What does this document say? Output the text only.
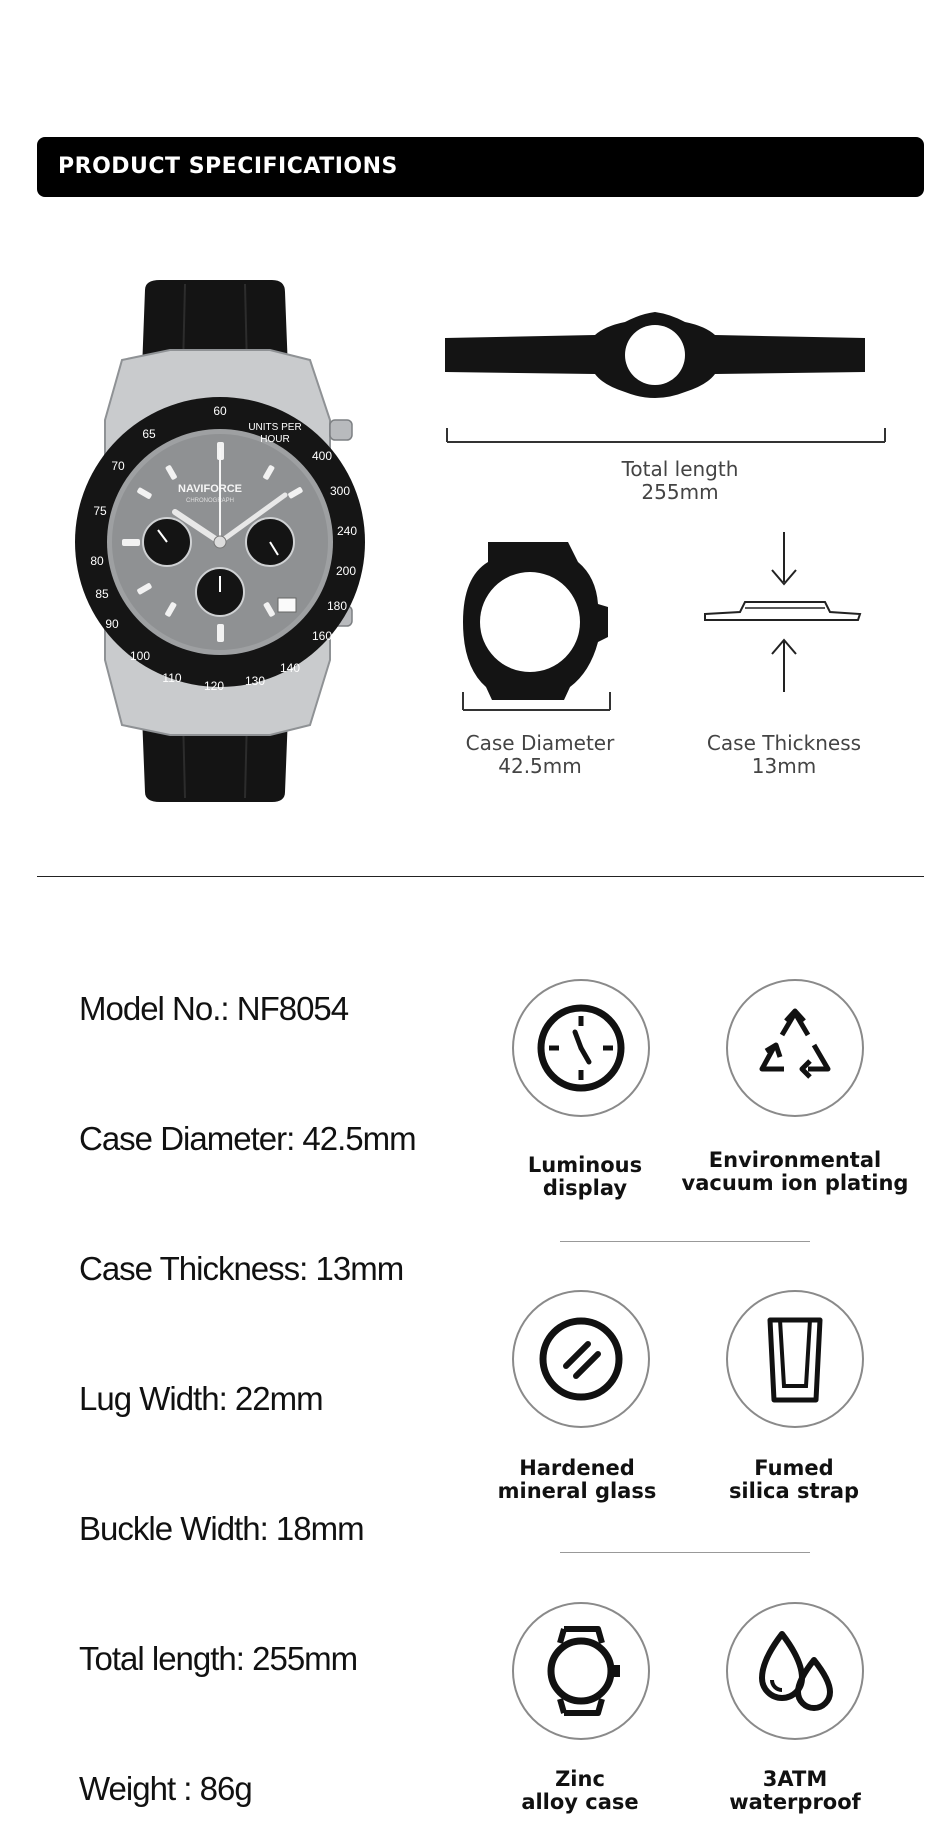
PRODUCT SPECIFICATIONS
60
65
70
75
80
85
90
100
110
120 130
140
160
180
200
240
300
400
UNITS PER
HOUR
NAVIFORCE
CHRONOGRAPH
Total length
255mm
Case Diameter
42.5mm
Case Thickness
13mm
Model No.: NF8054
Case Diameter: 42.5mm
Case Thickness: 13mm
Lug Width: 22mm
Buckle Width: 18mm
Total length: 255mm
Weight : 86g
Luminous
display
Environmental
vacuum ion plating
Hardened
mineral glass
Fumed
silica strap
Zinc
alloy case
3ATM
waterproof
